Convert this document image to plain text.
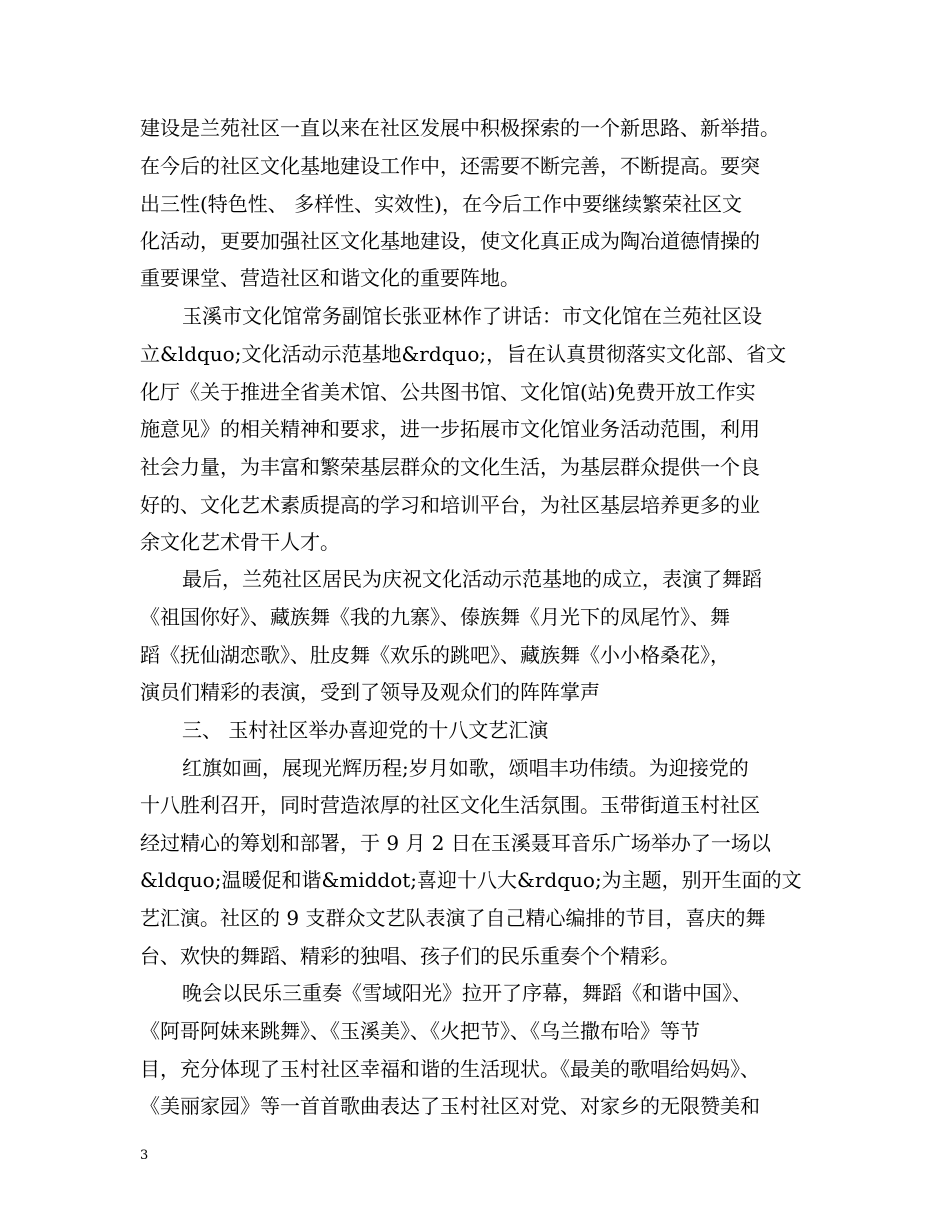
建设是兰苑社区一直以来在社区发展中积极探索的一个新思路、新举措。
在今后的社区文化基地建设工作中，还需要不断完善，不断提高。要突
出三性(特色性、 多样性、实效性)，在今后工作中要继续繁荣社区文
化活动，更要加强社区文化基地建设，使文化真正成为陶冶道德情操的
重要课堂、营造社区和谐文化的重要阵地。
玉溪市文化馆常务副馆长张亚林作了讲话：市文化馆在兰苑社区设
立&ldquo;文化活动示范基地&rdquo;，旨在认真贯彻落实文化部、省文
化厅《关于推进全省美术馆、公共图书馆、文化馆(站)免费开放工作实
施意见》的相关精神和要求，进一步拓展市文化馆业务活动范围，利用
社会力量，为丰富和繁荣基层群众的文化生活，为基层群众提供一个良
好的、文化艺术素质提高的学习和培训平台，为社区基层培养更多的业
余文化艺术骨干人才。
最后，兰苑社区居民为庆祝文化活动示范基地的成立，表演了舞蹈
《祖国你好》、藏族舞《我的九寨》、傣族舞《月光下的凤尾竹》、舞
蹈《抚仙湖恋歌》、肚皮舞《欢乐的跳吧》、藏族舞《小小格桑花》，
演员们精彩的表演，受到了领导及观众们的阵阵掌声
三、 玉村社区举办喜迎党的十八文艺汇演
红旗如画，展现光辉历程;岁月如歌，颂唱丰功伟绩。为迎接党的
十八胜利召开，同时营造浓厚的社区文化生活氛围。玉带街道玉村社区
经过精心的筹划和部署，于 9 月 2 日在玉溪聂耳音乐广场举办了一场以
&ldquo;温暖促和谐&middot;喜迎十八大&rdquo;为主题，别开生面的文
艺汇演。社区的 9 支群众文艺队表演了自己精心编排的节目，喜庆的舞
台、欢快的舞蹈、精彩的独唱、孩子们的民乐重奏个个精彩。
晚会以民乐三重奏《雪域阳光》拉开了序幕，舞蹈《和谐中国》、
《阿哥阿妹来跳舞》、《玉溪美》、《火把节》、《乌兰撒布哈》等节
目，充分体现了玉村社区幸福和谐的生活现状。《最美的歌唱给妈妈》、
《美丽家园》等一首首歌曲表达了玉村社区对党、对家乡的无限赞美和
3
